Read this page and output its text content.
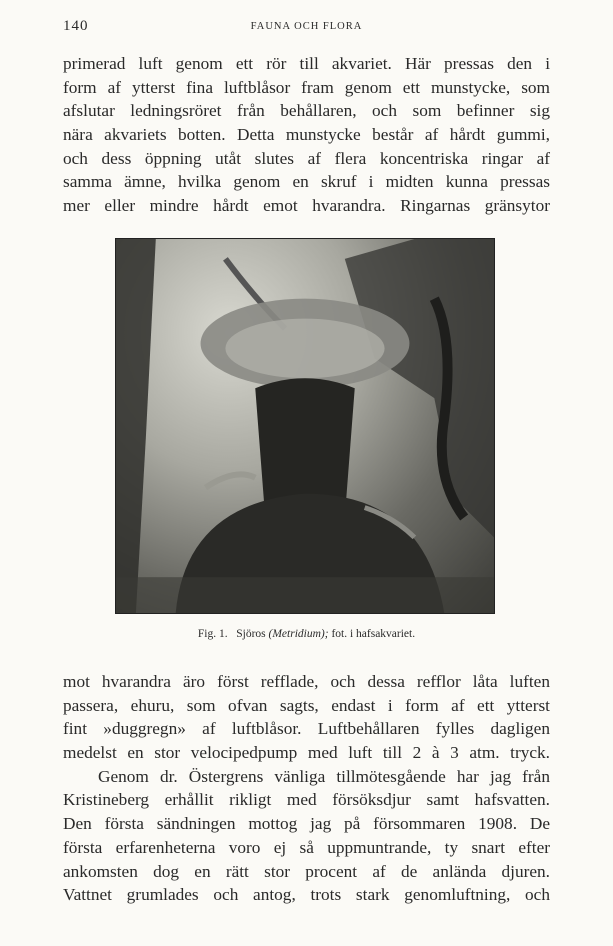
140	FAUNA OCH FLORA
primerad luft genom ett rör till akvariet. Här pressas den i
form af ytterst fina luftblåsor fram genom ett munstycke, som
afslutar ledningsröret från behållaren, och som befinner sig
nära akvariets botten. Detta munstycke består af hårdt gummi,
och dess öppning utåt slutes af flera koncentriska ringar af
samma ämne, hvilka genom en skruf i midten kunna pressas
mer eller mindre hårdt emot hvarandra. Ringarnas gränsytor
Fig. 1. Sjöros (Metridium); fot. i hafsakvariet.
mot hvarandra äro först refflade, och dessa refflor låta luften
passera, ehuru, som ofvan sagts, endast i form af ett ytterst
fint »duggregn» af luftblåsor. Luftbehållaren fylles dagligen
medelst en stor velocipedpump med luft till 2 à 3 atm. tryck.
Genom dr. Östergrens vänliga tillmötesgående har jag från
Kristineberg erhållit rikligt med försöksdjur samt hafsvatten.
Den första sändningen mottog jag på försommaren 1908. De
första erfarenheterna voro ej så uppmuntrande, ty snart efter
ankomsten dog en rätt stor procent af de anlända djuren.
Vattnet grumlades och antog, trots stark genomluftning, och
